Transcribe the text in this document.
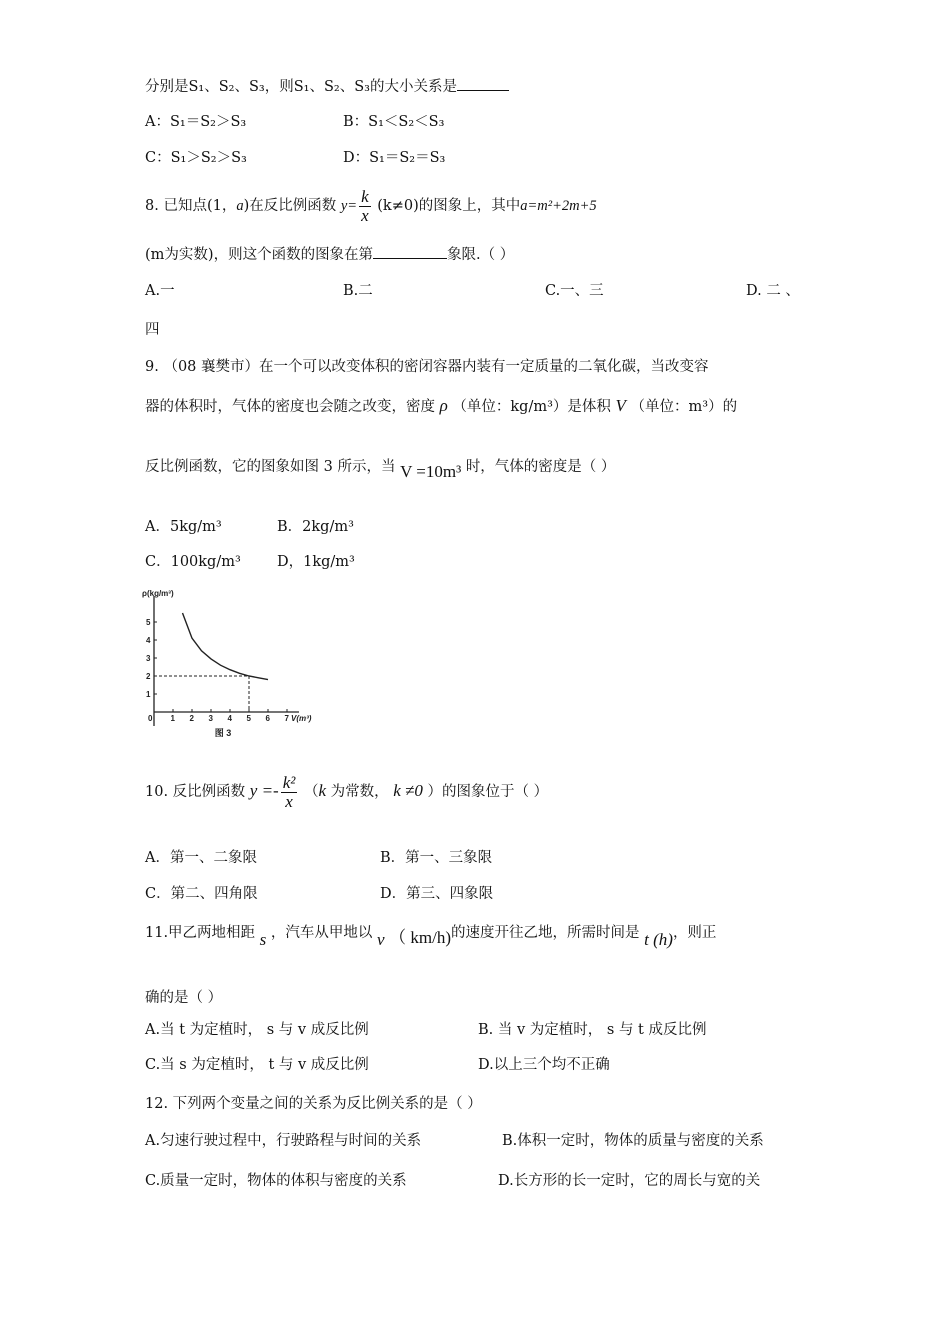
分别是S₁、S₂、S₃，则S₁、S₂、S₃的大小关系是
A：S₁＝S₂＞S₃	B：S₁＜S₂＜S₃
C：S₁＞S₂＞S₃	D：S₁＝S₂＝S₃
8. 已知点(1，a)在反比例函数 $y= \frac{k}{x} (k\ne 0)$的图象上，其中a=m²+2m+5
(m为实数)，则这个函数的图象在第	象限.（ ）
A.一	B.二	C.一、三	D. 二 、
四
9. （08 襄樊市）在一个可以改变体积的密闭容器内装有一定质量的二氧化碳，当改变容
器的体积时，气体的密度也会随之改变，密度 ρ （单位：kg/m³）是体积 V （单位：m³）的
反比例函数，它的图象如图 3 所示，当 V =10m³ 时，气体的密度是（ ）
A．5kg/m³	B．2kg/m³
C．100kg/m³ D，1kg/m³
ρ(kg/m³)
V(m³)
0 1 2 3 4 5 6 7
1
2
3
4
5
图 3
10. 反比例函数 $y =- \frac{\text{k²}}{x} (k$ 为常数， k ≠0 ）的图象位于（ ）
A．第一、二象限	B．第一、三象限
C．第二、四角限	D．第三、四象限
11.甲乙两地相距 s ，汽车从甲地以 v （ km/h)的速度开往乙地，所需时间是 t (h)，则正
确的是（ ）
A.当 t 为定植时， s 与 v 成反比例	B. 当 v 为定植时， s 与 t 成反比例
C.当 s 为定植时， t 与 v 成反比例	D.以上三个均不正确
12. 下列两个变量之间的关系为反比例关系的是（ ）
A.匀速行驶过程中，行驶路程与时间的关系	B.体积一定时，物体的质量与密度的关系
C.质量一定时，物体的体积与密度的关系	D.长方形的长一定时，它的周长与宽的关
